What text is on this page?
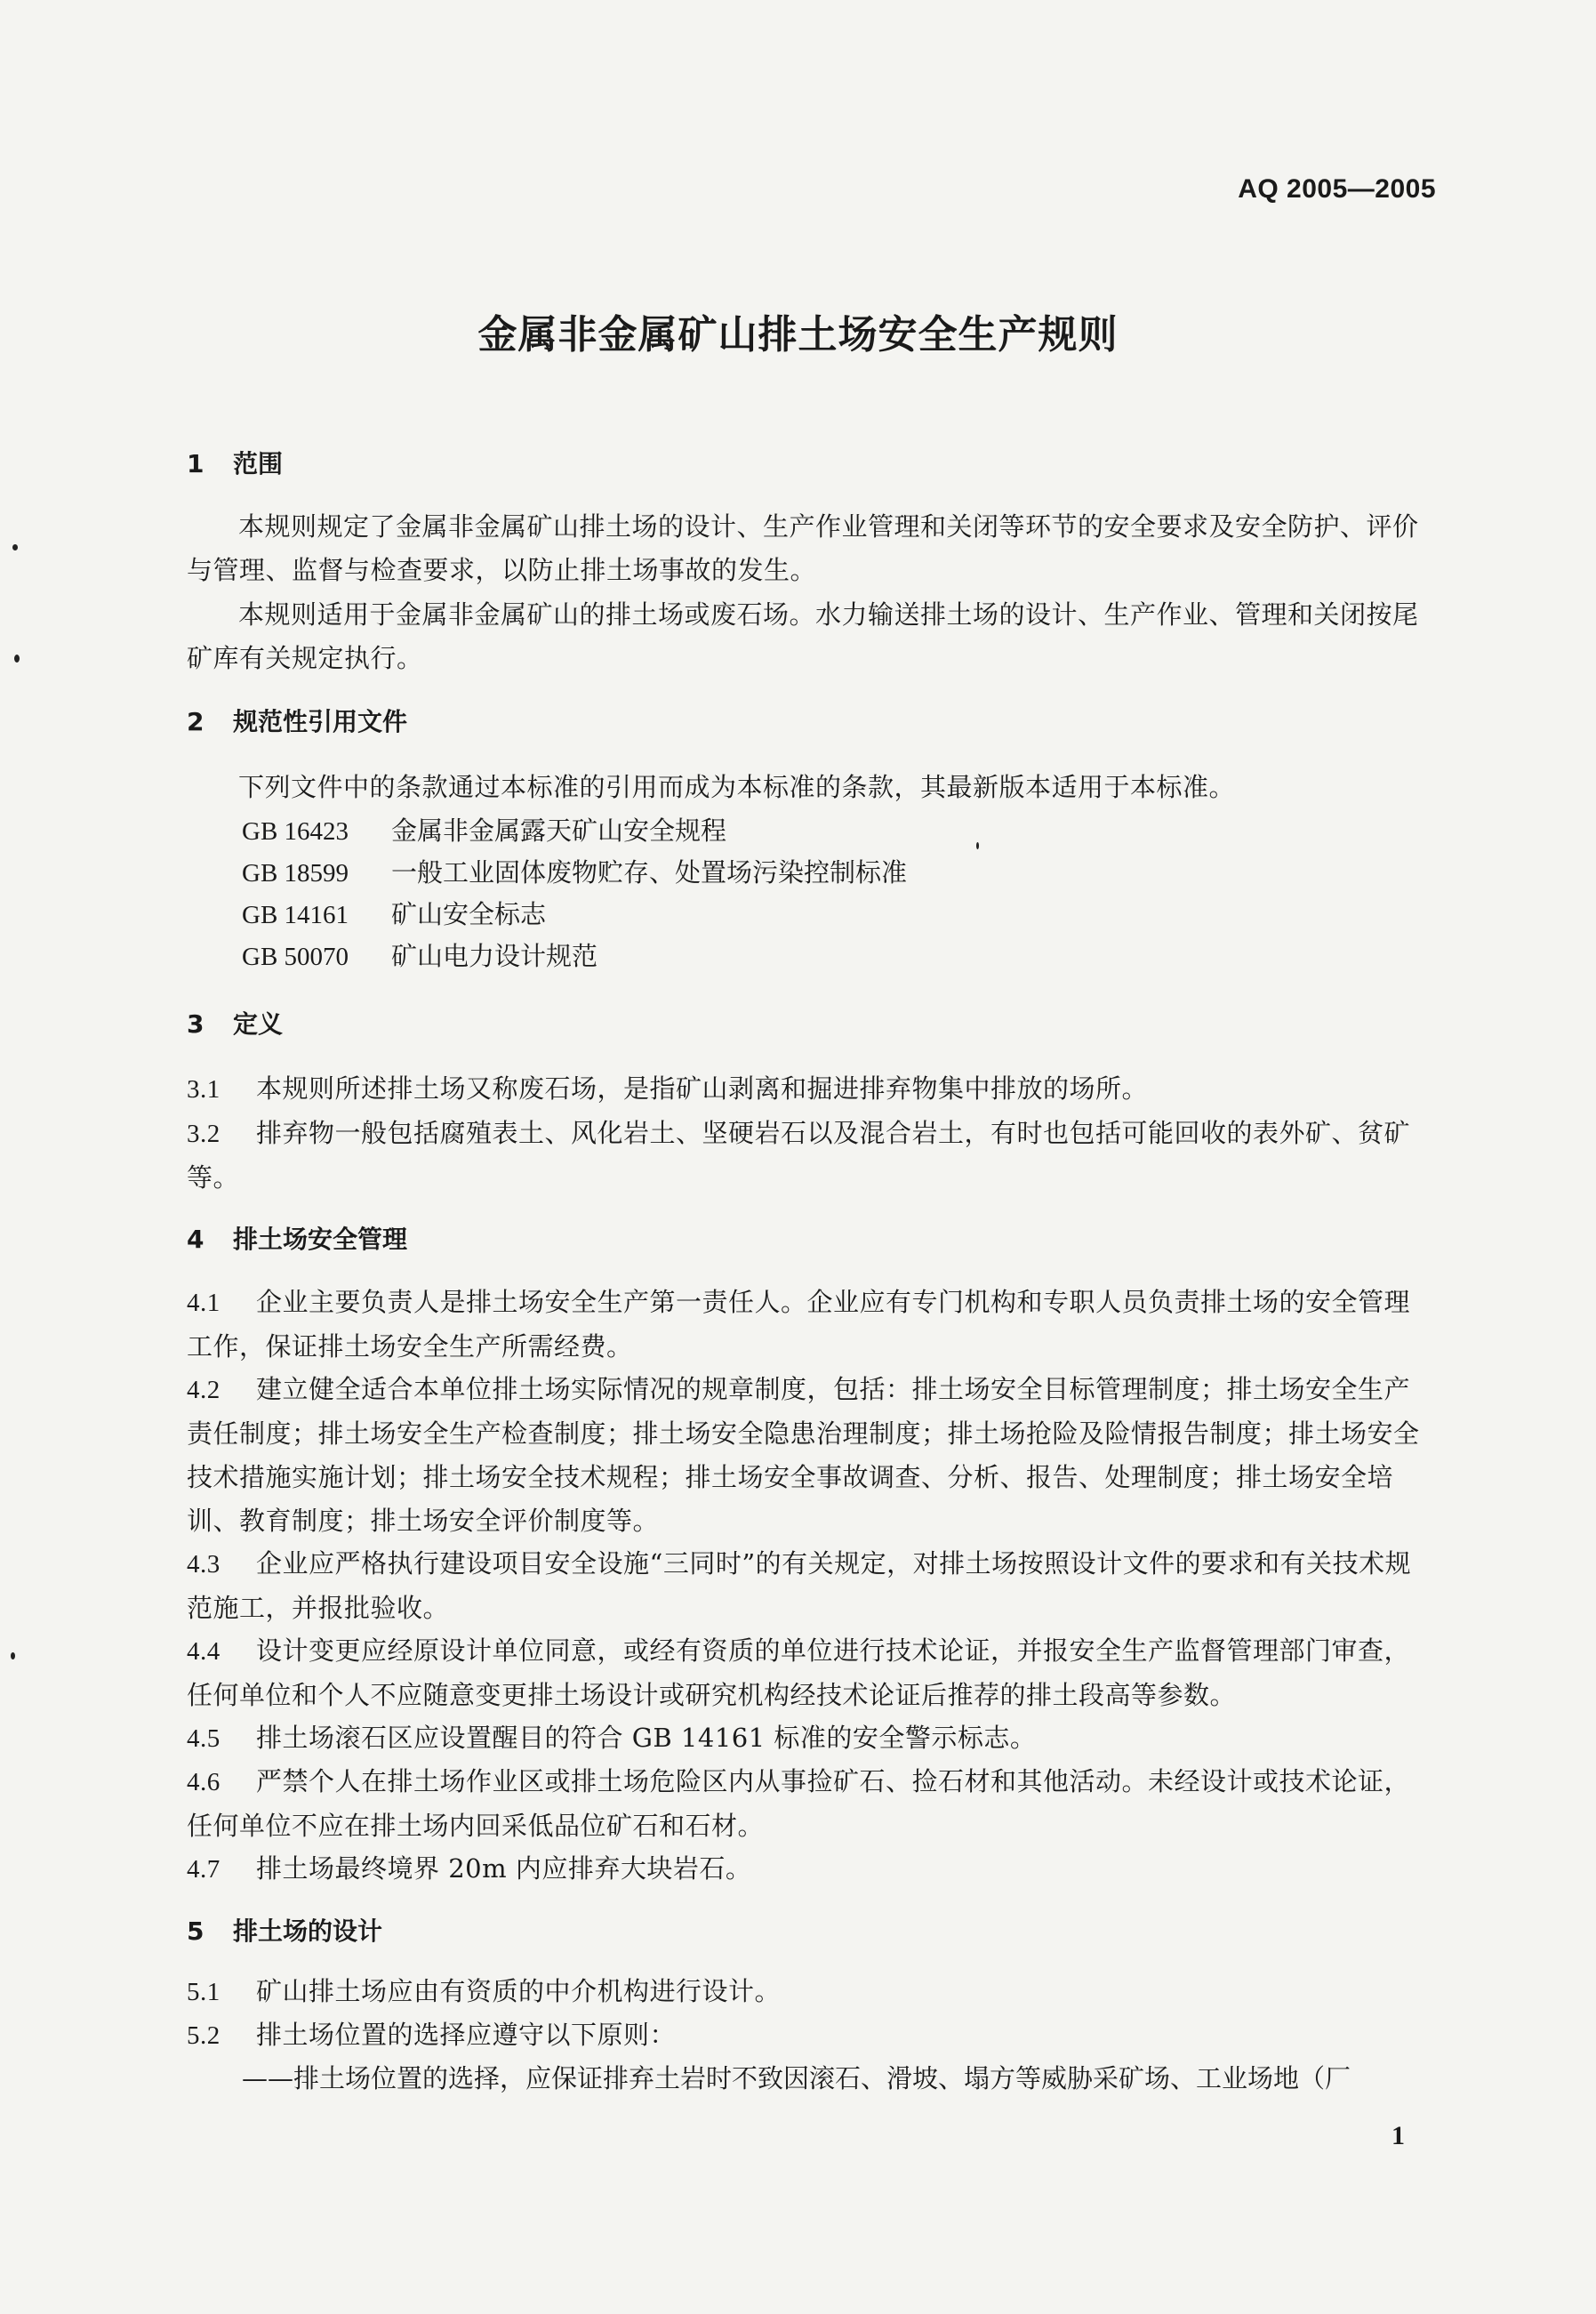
AQ 2005—2005
金属非金属矿山排土场安全生产规则
1 范围
本规则规定了金属非金属矿山排土场的设计、生产作业管理和关闭等环节的安全要求及安全防护、评价与管理、监督与检查要求，以防止排土场事故的发生。
本规则适用于金属非金属矿山的排土场或废石场。水力输送排土场的设计、生产作业、管理和关闭按尾矿库有关规定执行。
2 规范性引用文件
下列文件中的条款通过本标准的引用而成为本标准的条款，其最新版本适用于本标准。
GB 16423 金属非金属露天矿山安全规程
GB 18599 一般工业固体废物贮存、处置场污染控制标准
GB 14161 矿山安全标志
GB 50070 矿山电力设计规范
3 定义
3.1 本规则所述排土场又称废石场，是指矿山剥离和掘进排弃物集中排放的场所。
3.2 排弃物一般包括腐殖表土、风化岩土、坚硬岩石以及混合岩土，有时也包括可能回收的表外矿、贫矿等。
4 排土场安全管理
4.1 企业主要负责人是排土场安全生产第一责任人。企业应有专门机构和专职人员负责排土场的安全管理工作，保证排土场安全生产所需经费。
4.2 建立健全适合本单位排土场实际情况的规章制度，包括：排土场安全目标管理制度；排土场安全生产责任制度；排土场安全生产检查制度；排土场安全隐患治理制度；排土场抢险及险情报告制度；排土场安全技术措施实施计划；排土场安全技术规程；排土场安全事故调查、分析、报告、处理制度；排土场安全培训、教育制度；排土场安全评价制度等。
4.3 企业应严格执行建设项目安全设施“三同时”的有关规定，对排土场按照设计文件的要求和有关技术规范施工，并报批验收。
4.4 设计变更应经原设计单位同意，或经有资质的单位进行技术论证，并报安全生产监督管理部门审查，任何单位和个人不应随意变更排土场设计或研究机构经技术论证后推荐的排土段高等参数。
4.5 排土场滚石区应设置醒目的符合 GB 14161 标准的安全警示标志。
4.6 严禁个人在排土场作业区或排土场危险区内从事捡矿石、捡石材和其他活动。未经设计或技术论证，任何单位不应在排土场内回采低品位矿石和石材。
4.7 排土场最终境界 20m 内应排弃大块岩石。
5 排土场的设计
5.1 矿山排土场应由有资质的中介机构进行设计。
5.2 排土场位置的选择应遵守以下原则：
——排土场位置的选择，应保证排弃土岩时不致因滚石、滑坡、塌方等威胁采矿场、工业场地（厂
1
